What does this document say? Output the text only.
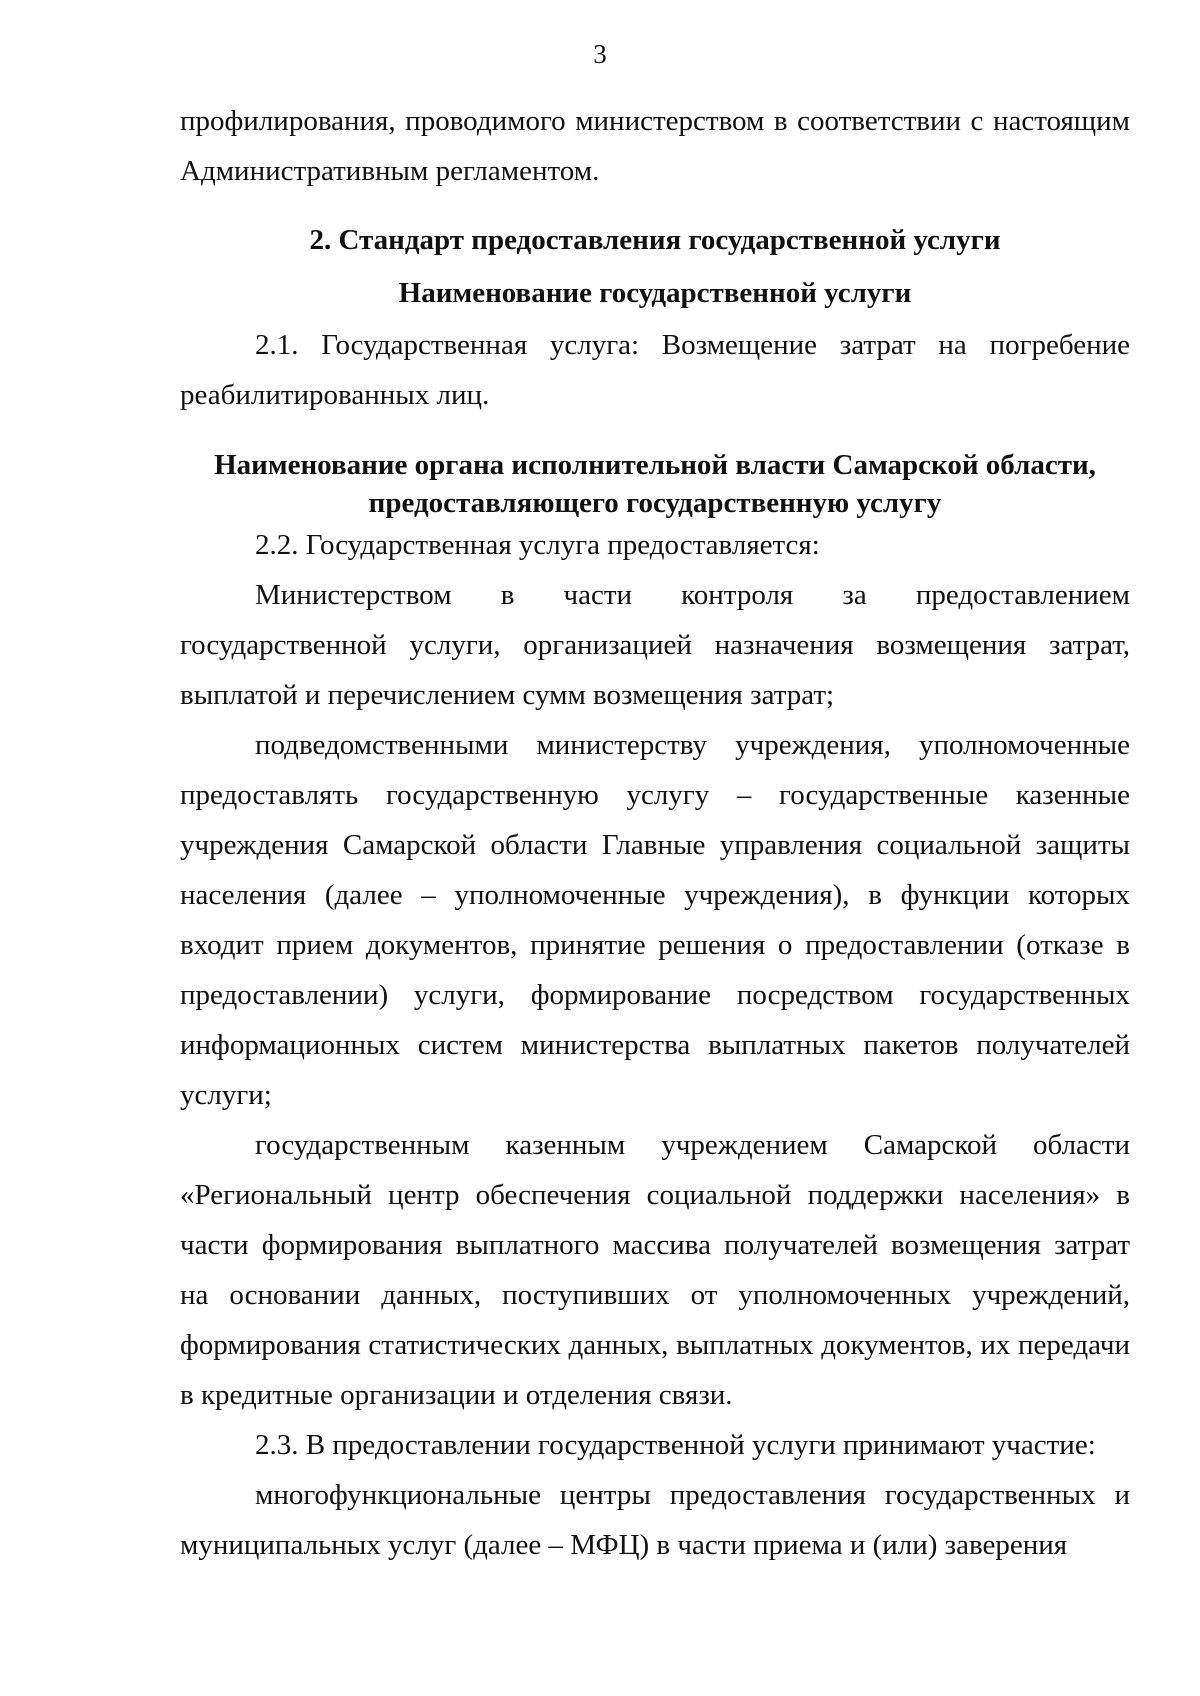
3

профилирования, проводимого министерством в соответствии с настоящим Административным регламентом.

2. Стандарт предоставления государственной услуги

Наименование государственной услуги

2.1. Государственная услуга: Возмещение затрат на погребение реабилитированных лиц.

Наименование органа исполнительной власти Самарской области,

предоставляющего государственную услугу

2.2. Государственная услуга предоставляется:

Министерством в части контроля за предоставлением государственной услуги, организацией назначения возмещения затрат, выплатой и перечислением сумм возмещения затрат;

подведомственными министерству учреждения, уполномоченные предоставлять государственную услугу – государственные казенные учреждения Самарской области Главные управления социальной защиты населения (далее – уполномоченные учреждения), в функции которых входит прием документов, принятие решения о предоставлении (отказе в предоставлении) услуги, формирование посредством государственных информационных систем министерства выплатных пакетов получателей услуги;

государственным казенным учреждением Самарской области «Региональный центр обеспечения социальной поддержки населения» в части формирования выплатного массива получателей возмещения затрат на основании данных, поступивших от уполномоченных учреждений, формирования статистических данных, выплатных документов, их передачи в кредитные организации и отделения связи.

2.3. В предоставлении государственной услуги принимают участие:

многофункциональные центры предоставления государственных и муниципальных услуг (далее – МФЦ) в части приема и (или) заверения
